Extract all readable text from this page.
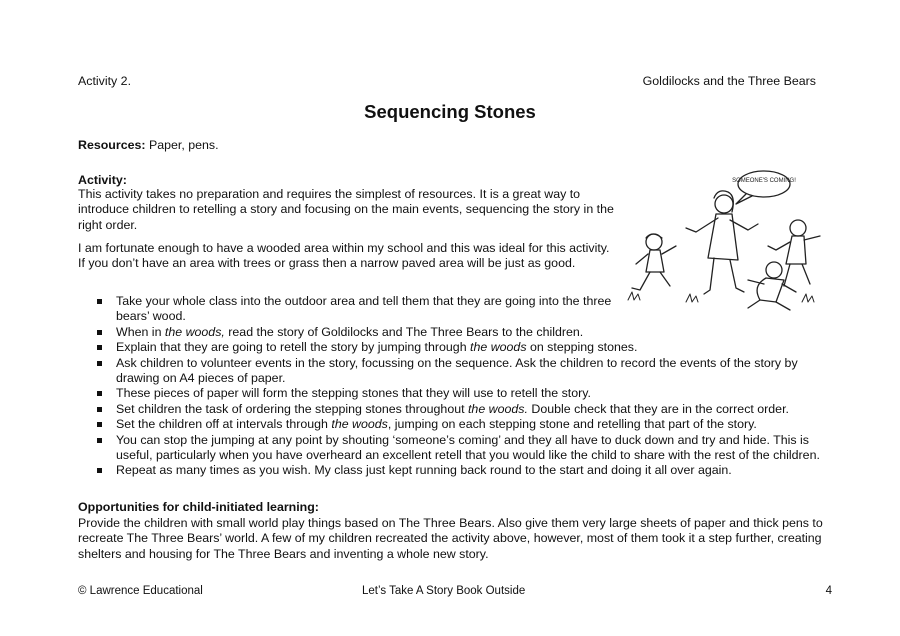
Activity 2.	Goldilocks and the Three Bears
Sequencing Stones
Resources: Paper, pens.
Activity:
This activity takes no preparation and requires the simplest of resources. It is a great way to introduce children to retelling a story and focusing on the main events, sequencing the story in the right order.
I am fortunate enough to have a wooded area within my school and this was ideal for this activity. If you don’t have an area with trees or grass then a narrow paved area will be just as good.
SOMEONE'S COMING!
Take your whole class into the outdoor area and tell them that they are going into the three bears’ wood.
When in the woods, read the story of Goldilocks and The Three Bears to the children.
Explain that they are going to retell the story by jumping through the woods on stepping stones.
Ask children to volunteer events in the story, focussing on the sequence. Ask the children to record the events of the story by drawing on A4 pieces of paper.
These pieces of paper will form the stepping stones that they will use to retell the story.
Set children the task of ordering the stepping stones throughout the woods. Double check that they are in the correct order.
Set the children off at intervals through the woods, jumping on each stepping stone and retelling that part of the story.
You can stop the jumping at any point by shouting ‘someone’s coming’ and they all have to duck down and try and hide. This is useful, particularly when you have overheard an excellent retell that you would like the child to share with the rest of the children.
Repeat as many times as you wish. My class just kept running back round to the start and doing it all over again.
Opportunities for child-initiated learning:
Provide the children with small world play things based on The Three Bears. Also give them very large sheets of paper and thick pens to recreate The Three Bears’ world. A few of my children recreated the activity above, however, most of them took it a step further, creating shelters and housing for The Three Bears and inventing a whole new story.
© Lawrence Educational	Let’s Take A Story Book Outside	4
